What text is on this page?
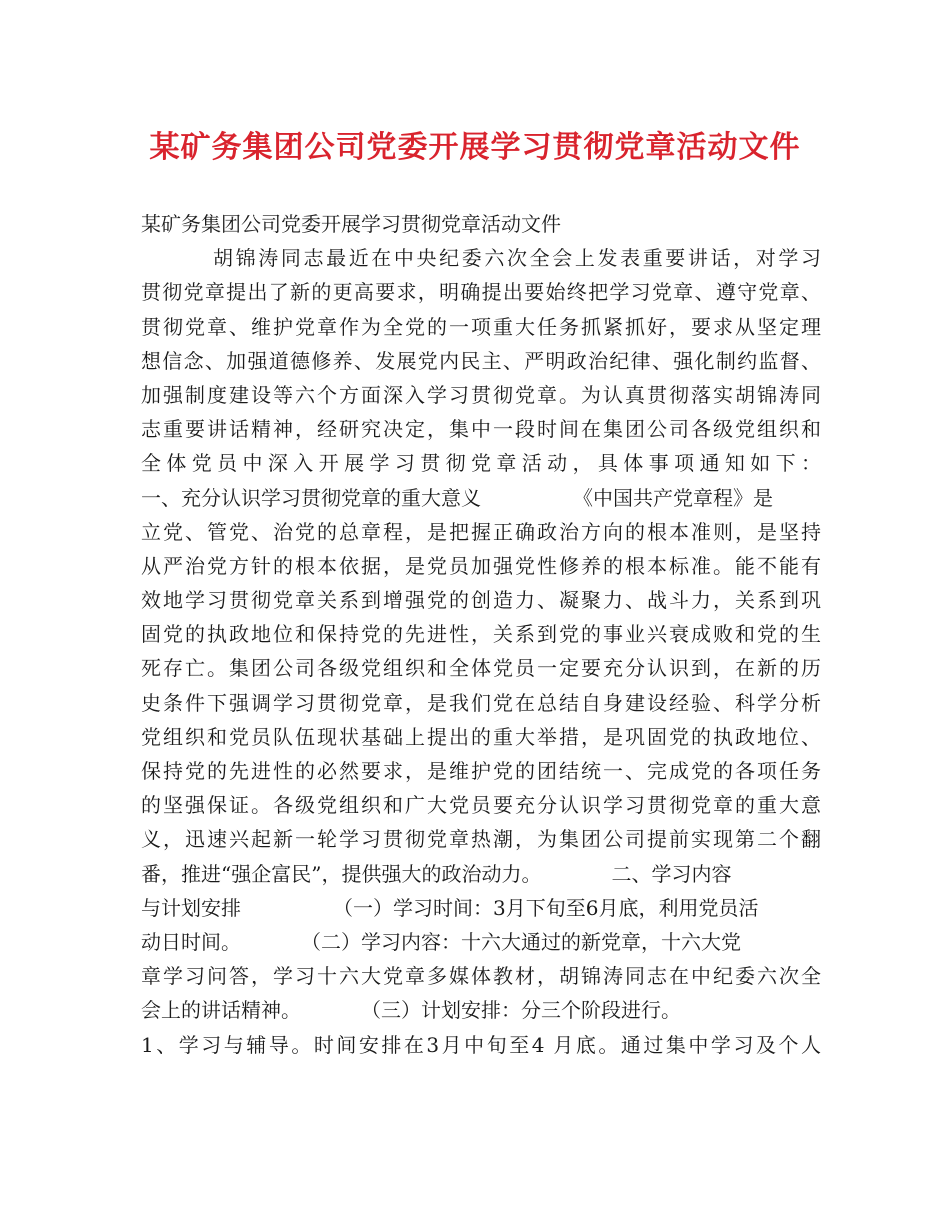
某矿务集团公司党委开展学习贯彻党章活动文件
某矿务集团公司党委开展学习贯彻党章活动文件
胡锦涛同志最近在中央纪委六次全会上发表重要讲话，对学习
贯彻党章提出了新的更高要求，明确提出要始终把学习党章、遵守党章、
贯彻党章、维护党章作为全党的一项重大任务抓紧抓好，要求从坚定理
想信念、加强道德修养、发展党内民主、严明政治纪律、强化制约监督、
加强制度建设等六个方面深入学习贯彻党章。为认真贯彻落实胡锦涛同
志重要讲话精神，经研究决定，集中一段时间在集团公司各级党组织和
全体党员中深入开展学习贯彻党章活动，具体事项通知如下：
一、充分认识学习贯彻党章的重大意义	《中国共产党章程》是
立党、管党、治党的总章程，是把握正确政治方向的根本准则，是坚持
从严治党方针的根本依据，是党员加强党性修养的根本标准。能不能有
效地学习贯彻党章关系到增强党的创造力、凝聚力、战斗力，关系到巩
固党的执政地位和保持党的先进性，关系到党的事业兴衰成败和党的生
死存亡。集团公司各级党组织和全体党员一定要充分认识到，在新的历
史条件下强调学习贯彻党章，是我们党在总结自身建设经验、科学分析
党组织和党员队伍现状基础上提出的重大举措，是巩固党的执政地位、
保持党的先进性的必然要求，是维护党的团结统一、完成党的各项任务
的坚强保证。各级党组织和广大党员要充分认识学习贯彻党章的重大意
义，迅速兴起新一轮学习贯彻党章热潮，为集团公司提前实现第二个翻
番，推进“强企富民”，提供强大的政治动力。	二、学习内容
与计划安排	（一）学习时间：3月下旬至6月底，利用党员活
动日时间。	（二）学习内容：十六大通过的新党章，十六大党
章学习问答，学习十六大党章多媒体教材，胡锦涛同志在中纪委六次全
会上的讲话精神。	（三）计划安排：分三个阶段进行。
1、学习与辅导。时间安排在3月中旬至4 月底。通过集中学习及个人
